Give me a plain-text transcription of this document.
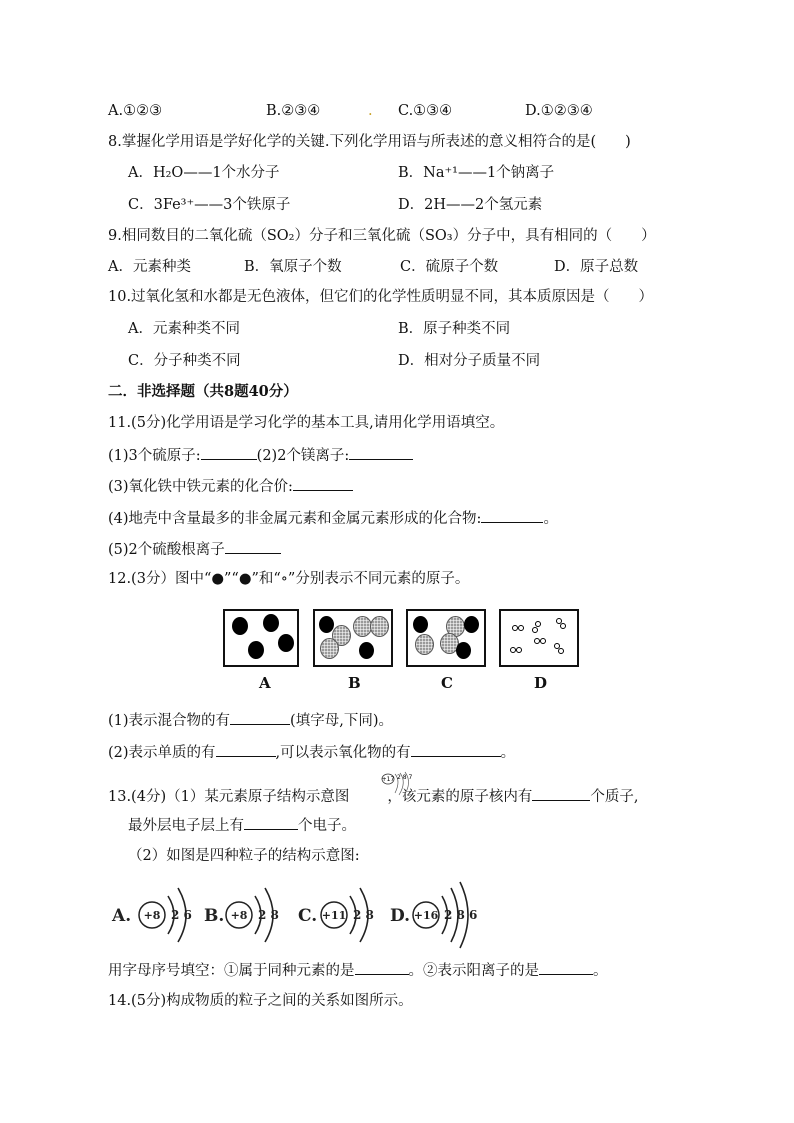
A.①②③	B.②③④	. C.①③④	D.①②③④
8.掌握化学用语是学好化学的关键.下列化学用语与所表述的意义相符合的是(　　)
A．H₂O——1个水分子	B．Na⁺¹——1个钠离子
C．3Fe³⁺——3个铁原子	D．2H——2个氢元素
9.相同数目的二氧化硫（SO₂）分子和三氧化硫（SO₃）分子中，具有相同的（　　）
A．元素种类	B．氧原子个数	C．硫原子个数	D．原子总数
10.过氧化氢和水都是无色液体，但它们的化学性质明显不同，其本质原因是（　　）
A．元素种类不同	B．原子种类不同
C．分子种类不同	D．相对分子质量不同
二．非选择题（共8题40分）
11.(5分)化学用语是学习化学的基本工具,请用化学用语填空。
(1)3个硫原子:	(2)2个镁离子:
(3)氧化铁中铁元素的化合价:
(4)地壳中含量最多的非金属元素和金属元素形成的化合物:	。
(5)2个硫酸根离子
12.(3分）图中“●”“●”和“∘”分别表示不同元素的原子。
A	B	C	D
(1)表示混合物的有	(填字母,下同)。
(2)表示单质的有	,可以表示氧化物的有	。
13.(4分)（1）某元素原子结构示意图	，该元素的原子核内有	个质子,
+17 2 8 7
最外层电子层上有	个电子。
（2）如图是四种粒子的结构示意图:
A. +8 2 6 B. +8 2 8 C. +11 2 8 D. +16 2 8 6
用字母序号填空：①属于同种元素的是	。②表示阳离子的是	。
14.(5分)构成物质的粒子之间的关系如图所示。
